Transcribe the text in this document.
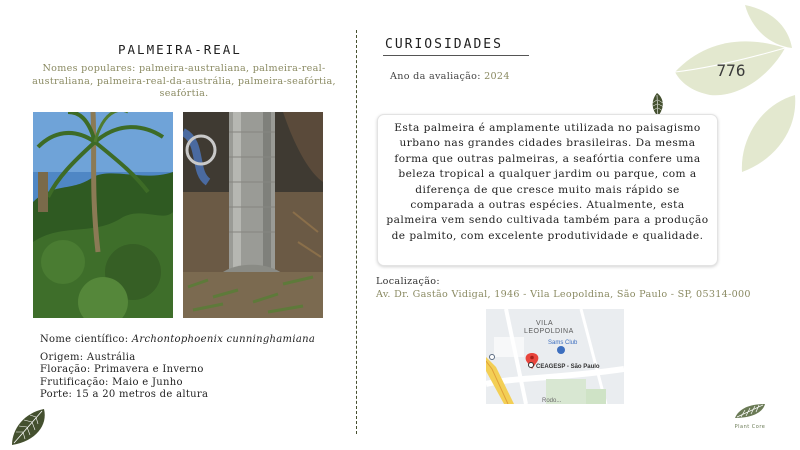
PALMEIRA-REAL
Nomes populares: palmeira-australiana, palmeira-real-australiana, palmeira-real-da-austrália, palmeira-seafórtia, seafórtia.
Nome científico: Archontophoenix cunninghamiana
Origem: Austrália
Floração: Primavera e Inverno
Frutificação: Maio e Junho
Porte: 15 a 20 metros de altura
CURIOSIDADES
Ano da avaliação: 2024	776
Esta palmeira é amplamente utilizada no paisagismo urbano nas grandes cidades brasileiras. Da mesma forma que outras palmeiras, a seafórtia confere uma beleza tropical a qualquer jardim ou parque, com a diferença de que cresce muito mais rápido se comparada a outras espécies. Atualmente, esta palmeira vem sendo cultivada também para a produção de palmito, com excelente produtividade e qualidade.
Localização:
Av. Dr. Gastão Vidigal, 1946 - Vila Leopoldina, São Paulo - SP, 05314-000
VILA
LEOPOLDINA
Sams Club
CEAGESP - São Paulo
Rodo...
Plant Core
